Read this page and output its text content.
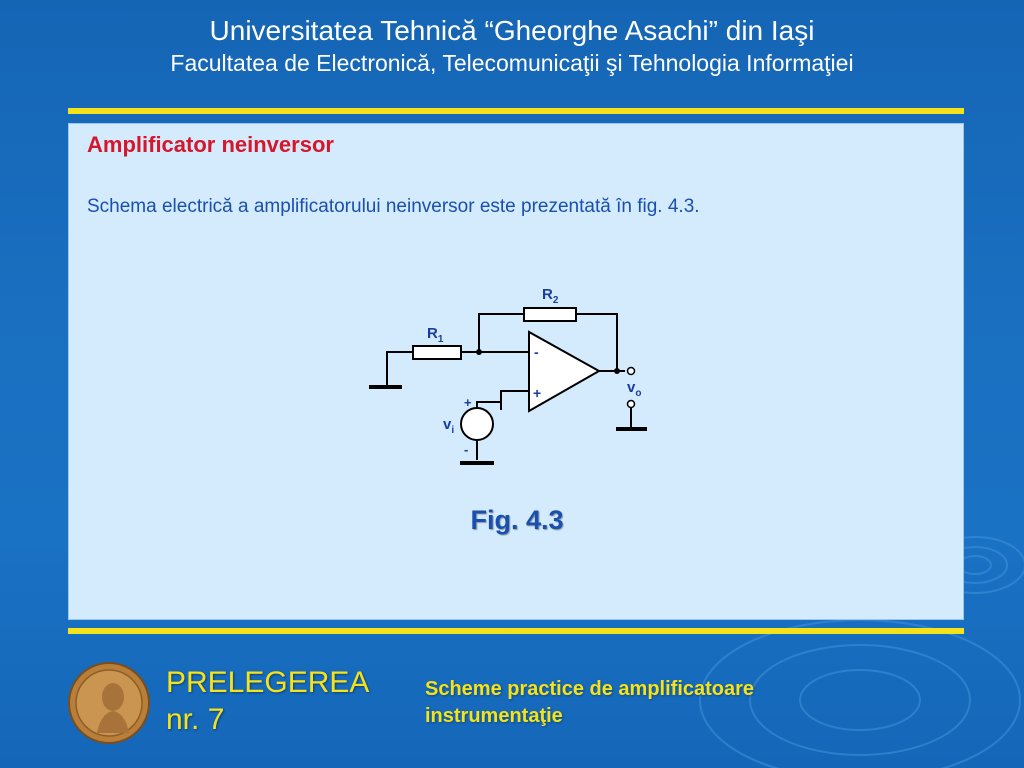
Universitatea Tehnică “Gheorghe Asachi” din Iaşi
Facultatea de Electronică, Telecomunicaţii şi Tehnologia Informaţiei
Amplificator neinversor
Schema electrică a amplificatorului neinversor este prezentată în fig. 4.3.
$R_1$
$R_2$
$v_i$
$v_o$
-
+
+
-
Fig. 4.3
PRELEGEREA
nr. 7
Scheme practice de amplificatoare
instrumentaţie
